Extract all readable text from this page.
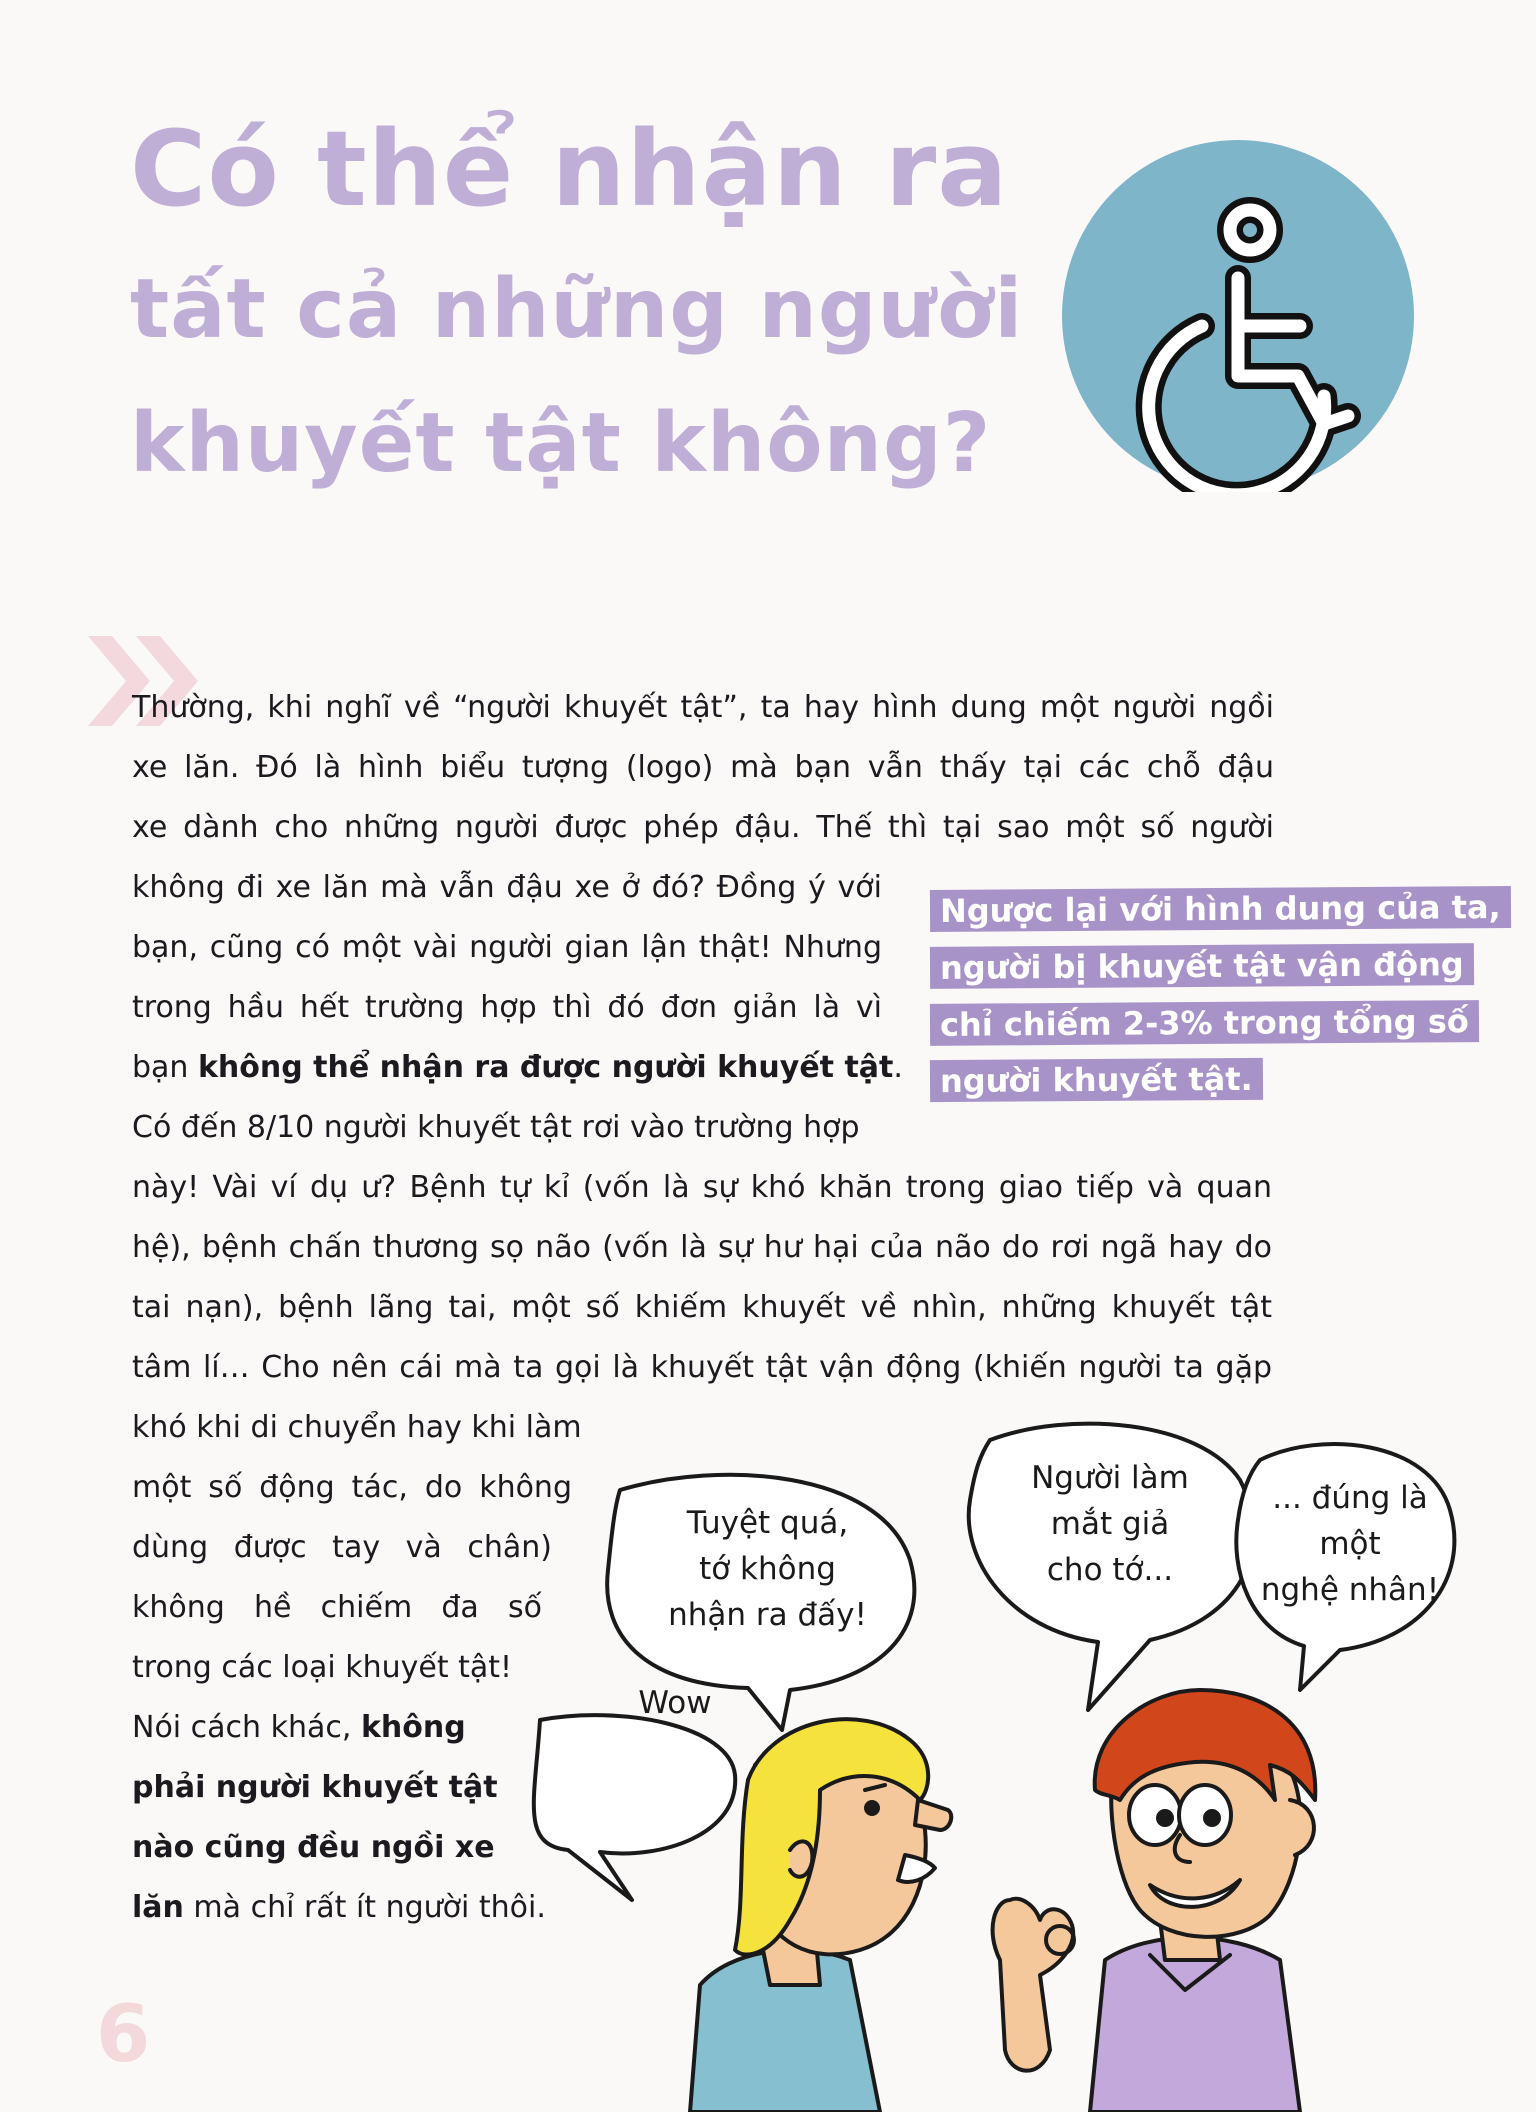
Có thể nhận ra
tất cả những người
khuyết tật không?

Thường, khi nghĩ về “người khuyết tật”, ta hay hình dung một người ngồi

xe lăn. Đó là hình biểu tượng (logo) mà bạn vẫn thấy tại các chỗ đậu

xe dành cho những người được phép đậu. Thế thì tại sao một số người

không đi xe lăn mà vẫn đậu xe ở đó? Đồng ý với

bạn, cũng có một vài người gian lận thật! Nhưng

trong hầu hết trường hợp thì đó đơn giản là vì

bạn không thể nhận ra được người khuyết tật.

Có đến 8/10 người khuyết tật rơi vào trường hợp

này! Vài ví dụ ư? Bệnh tự kỉ (vốn là sự khó khăn trong giao tiếp và quan

hệ), bệnh chấn thương sọ não (vốn là sự hư hại của não do rơi ngã hay do

tai nạn), bệnh lãng tai, một số khiếm khuyết về nhìn, những khuyết tật

tâm lí… Cho nên cái mà ta gọi là khuyết tật vận động (khiến người ta gặp

khó khi di chuyển hay khi làm

một số động tác, do không

dùng được tay và chân)

không hề chiếm đa số

trong các loại khuyết tật!

Nói cách khác, không

phải người khuyết tật

nào cũng đều ngồi xe

lăn mà chỉ rất ít người thôi.

Ngược lại với hình dung của ta,
người bị khuyết tật vận động
chỉ chiếm 2-3% trong tổng số
người khuyết tật.
Wow
Tuyệt quá,
tớ không
nhận ra đấy!
Người làm
mắt giả
cho tớ...
... đúng là
một
nghệ nhân!
6
